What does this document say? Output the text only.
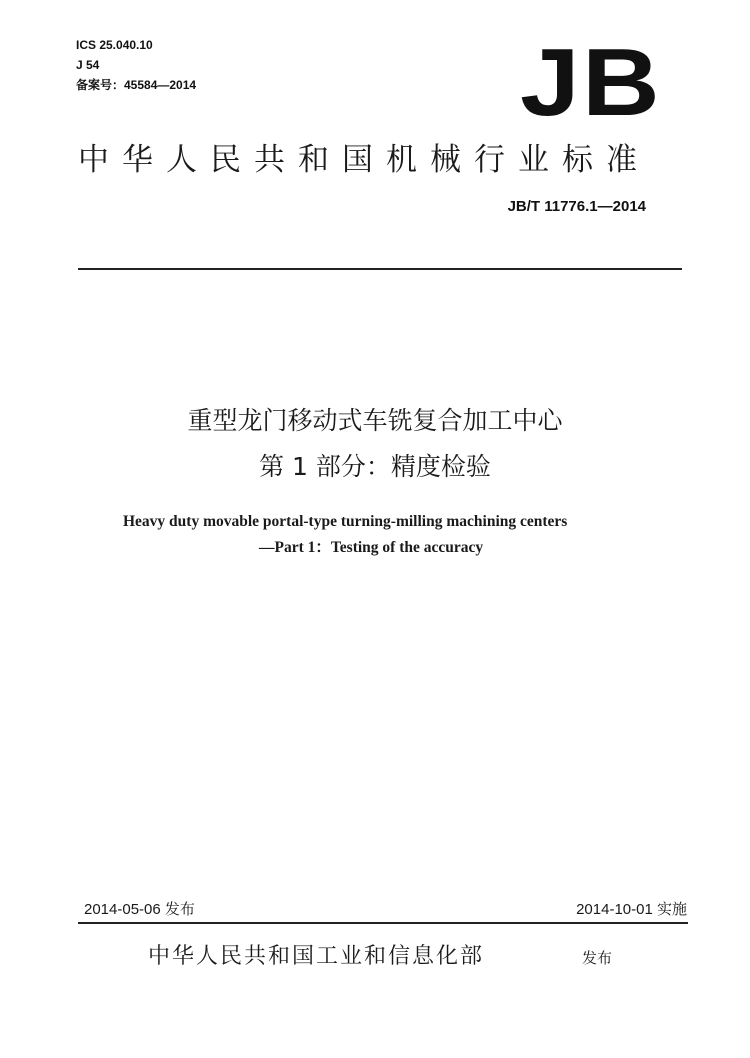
ICS 25.040.10
J 54
备案号：45584—2014	JB
中华人民共和国机械行业标准
JB/T 11776.1—2014
重型龙门移动式车铣复合加工中心
第 1 部分：精度检验
Heavy duty movable portal-type turning-milling machining centers
—Part 1：Testing of the accuracy
2014-05-06 发布	2014-10-01 实施
中华人民共和国工业和信息化部	发布
